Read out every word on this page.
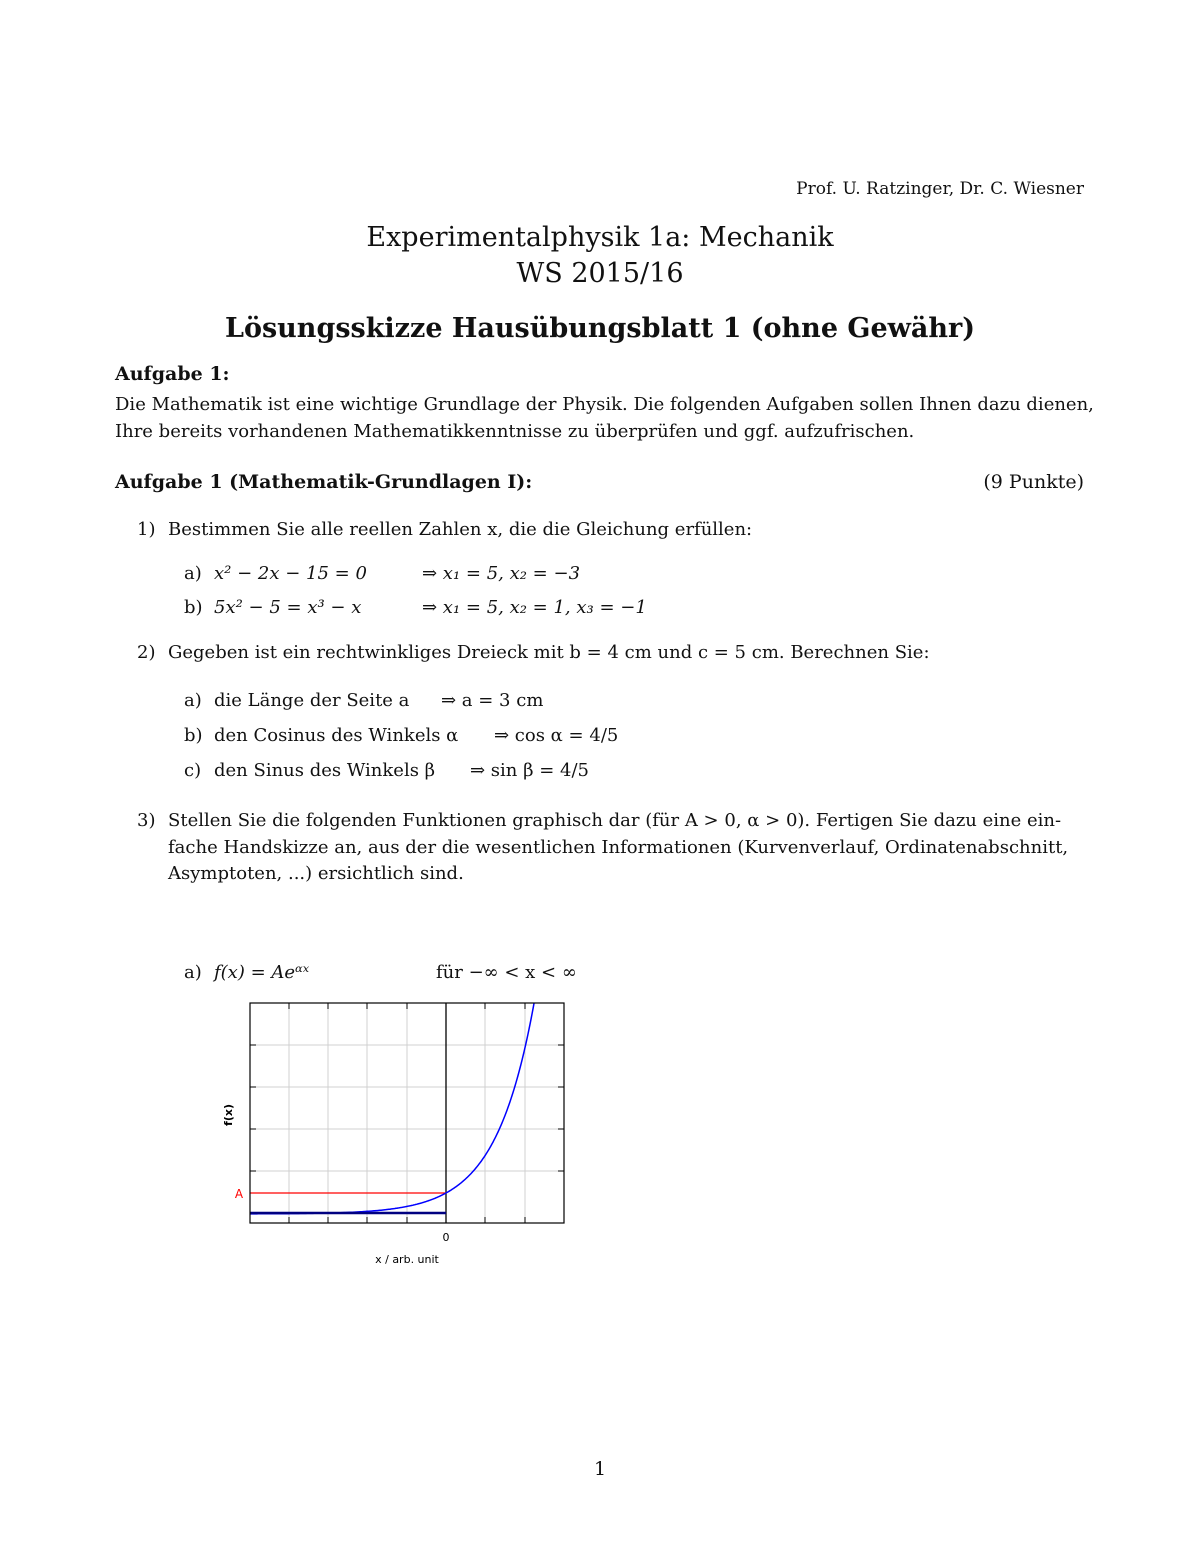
Prof. U. Ratzinger, Dr. C. Wiesner
Experimentalphysik 1a: Mechanik
WS 2015/16
Lösungsskizze Hausübungsblatt 1 (ohne Gewähr)
Aufgabe 1:
Die Mathematik ist eine wichtige Grundlage der Physik. Die folgenden Aufgaben sollen Ihnen dazu dienen,
Ihre bereits vorhandenen Mathematikkenntnisse zu überprüfen und ggf. aufzufrischen.
Aufgabe 1 (Mathematik-Grundlagen I):	(9 Punkte)
1) Bestimmen Sie alle reellen Zahlen x, die die Gleichung erfüllen:
a) x² − 2x − 15 = 0	⇒ x₁ = 5, x₂ = −3
b) 5x² − 5 = x³ − x	⇒ x₁ = 5, x₂ = 1, x₃ = −1
2) Gegeben ist ein rechtwinkliges Dreieck mit b = 4 cm und c = 5 cm. Berechnen Sie:
a) die Länge der Seite a ⇒ a = 3 cm
b) den Cosinus des Winkels α ⇒ cos α = 4/5
c) den Sinus des Winkels β ⇒ sin β = 4/5
3) Stellen Sie die folgenden Funktionen graphisch dar (für A > 0, α > 0). Fertigen Sie dazu eine ein-
fache Handskizze an, aus der die wesentlichen Informationen (Kurvenverlauf, Ordinatenabschnitt,
Asymptoten, ...) ersichtlich sind.
a) f(x) = Aeᵅˣ	für −∞ < x < ∞
A
0
x / arb. unit
f(x)
1
